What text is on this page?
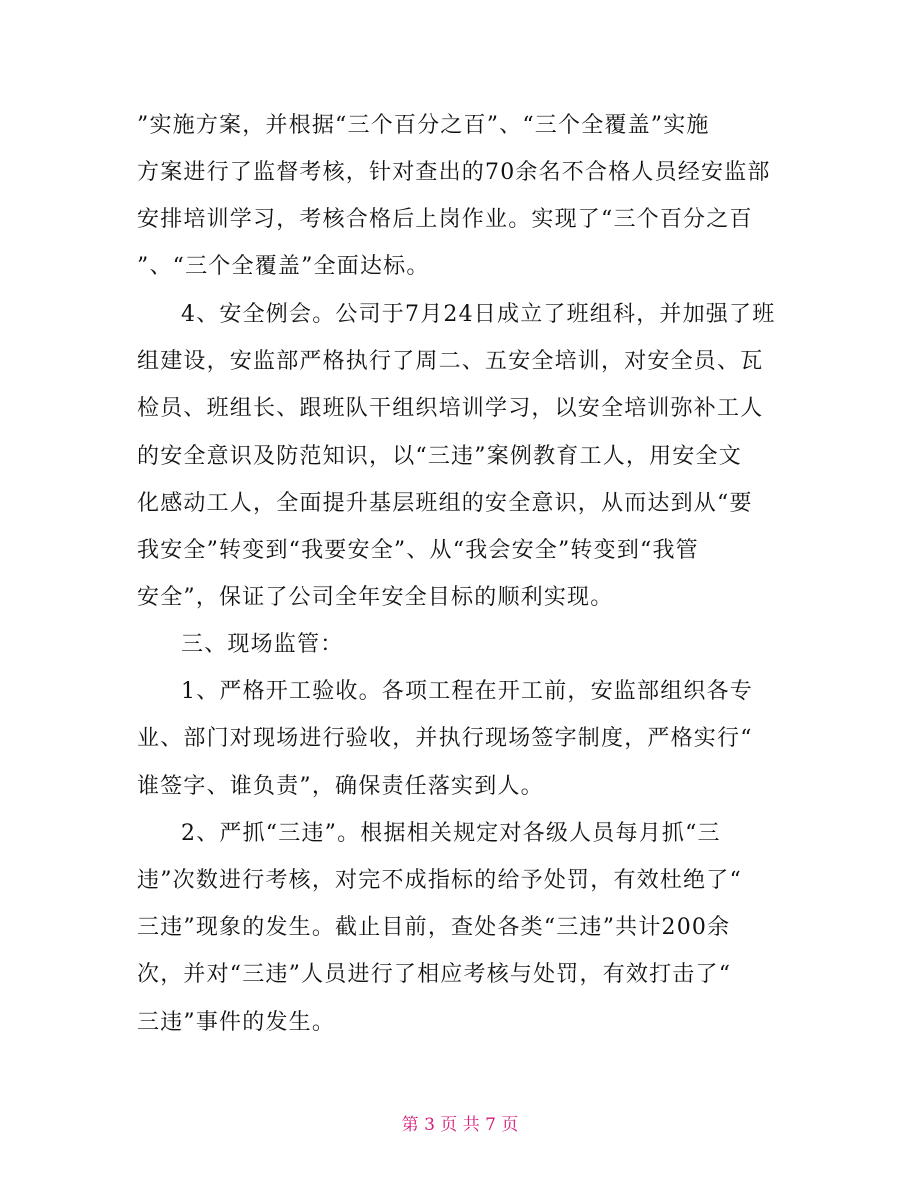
”实施方案，并根据“三个百分之百”、“三个全覆盖”实施
方案进行了监督考核，针对查出的70余名不合格人员经安监部
安排培训学习，考核合格后上岗作业。实现了“三个百分之百
”、“三个全覆盖”全面达标。
4、安全例会。公司于7月24日成立了班组科，并加强了班
组建设，安监部严格执行了周二、五安全培训，对安全员、瓦
检员、班组长、跟班队干组织培训学习，以安全培训弥补工人
的安全意识及防范知识，以“三违”案例教育工人，用安全文
化感动工人，全面提升基层班组的安全意识，从而达到从“要
我安全”转变到“我要安全”、从“我会安全”转变到“我管
安全”，保证了公司全年安全目标的顺利实现。
三、现场监管：
1、严格开工验收。各项工程在开工前，安监部组织各专
业、部门对现场进行验收，并执行现场签字制度，严格实行“
谁签字、谁负责”，确保责任落实到人。
2、严抓“三违”。根据相关规定对各级人员每月抓“三
违”次数进行考核，对完不成指标的给予处罚，有效杜绝了“
三违”现象的发生。截止目前，查处各类“三违”共计200余
次，并对“三违”人员进行了相应考核与处罚，有效打击了“
三违”事件的发生。
第 3 页 共 7 页
